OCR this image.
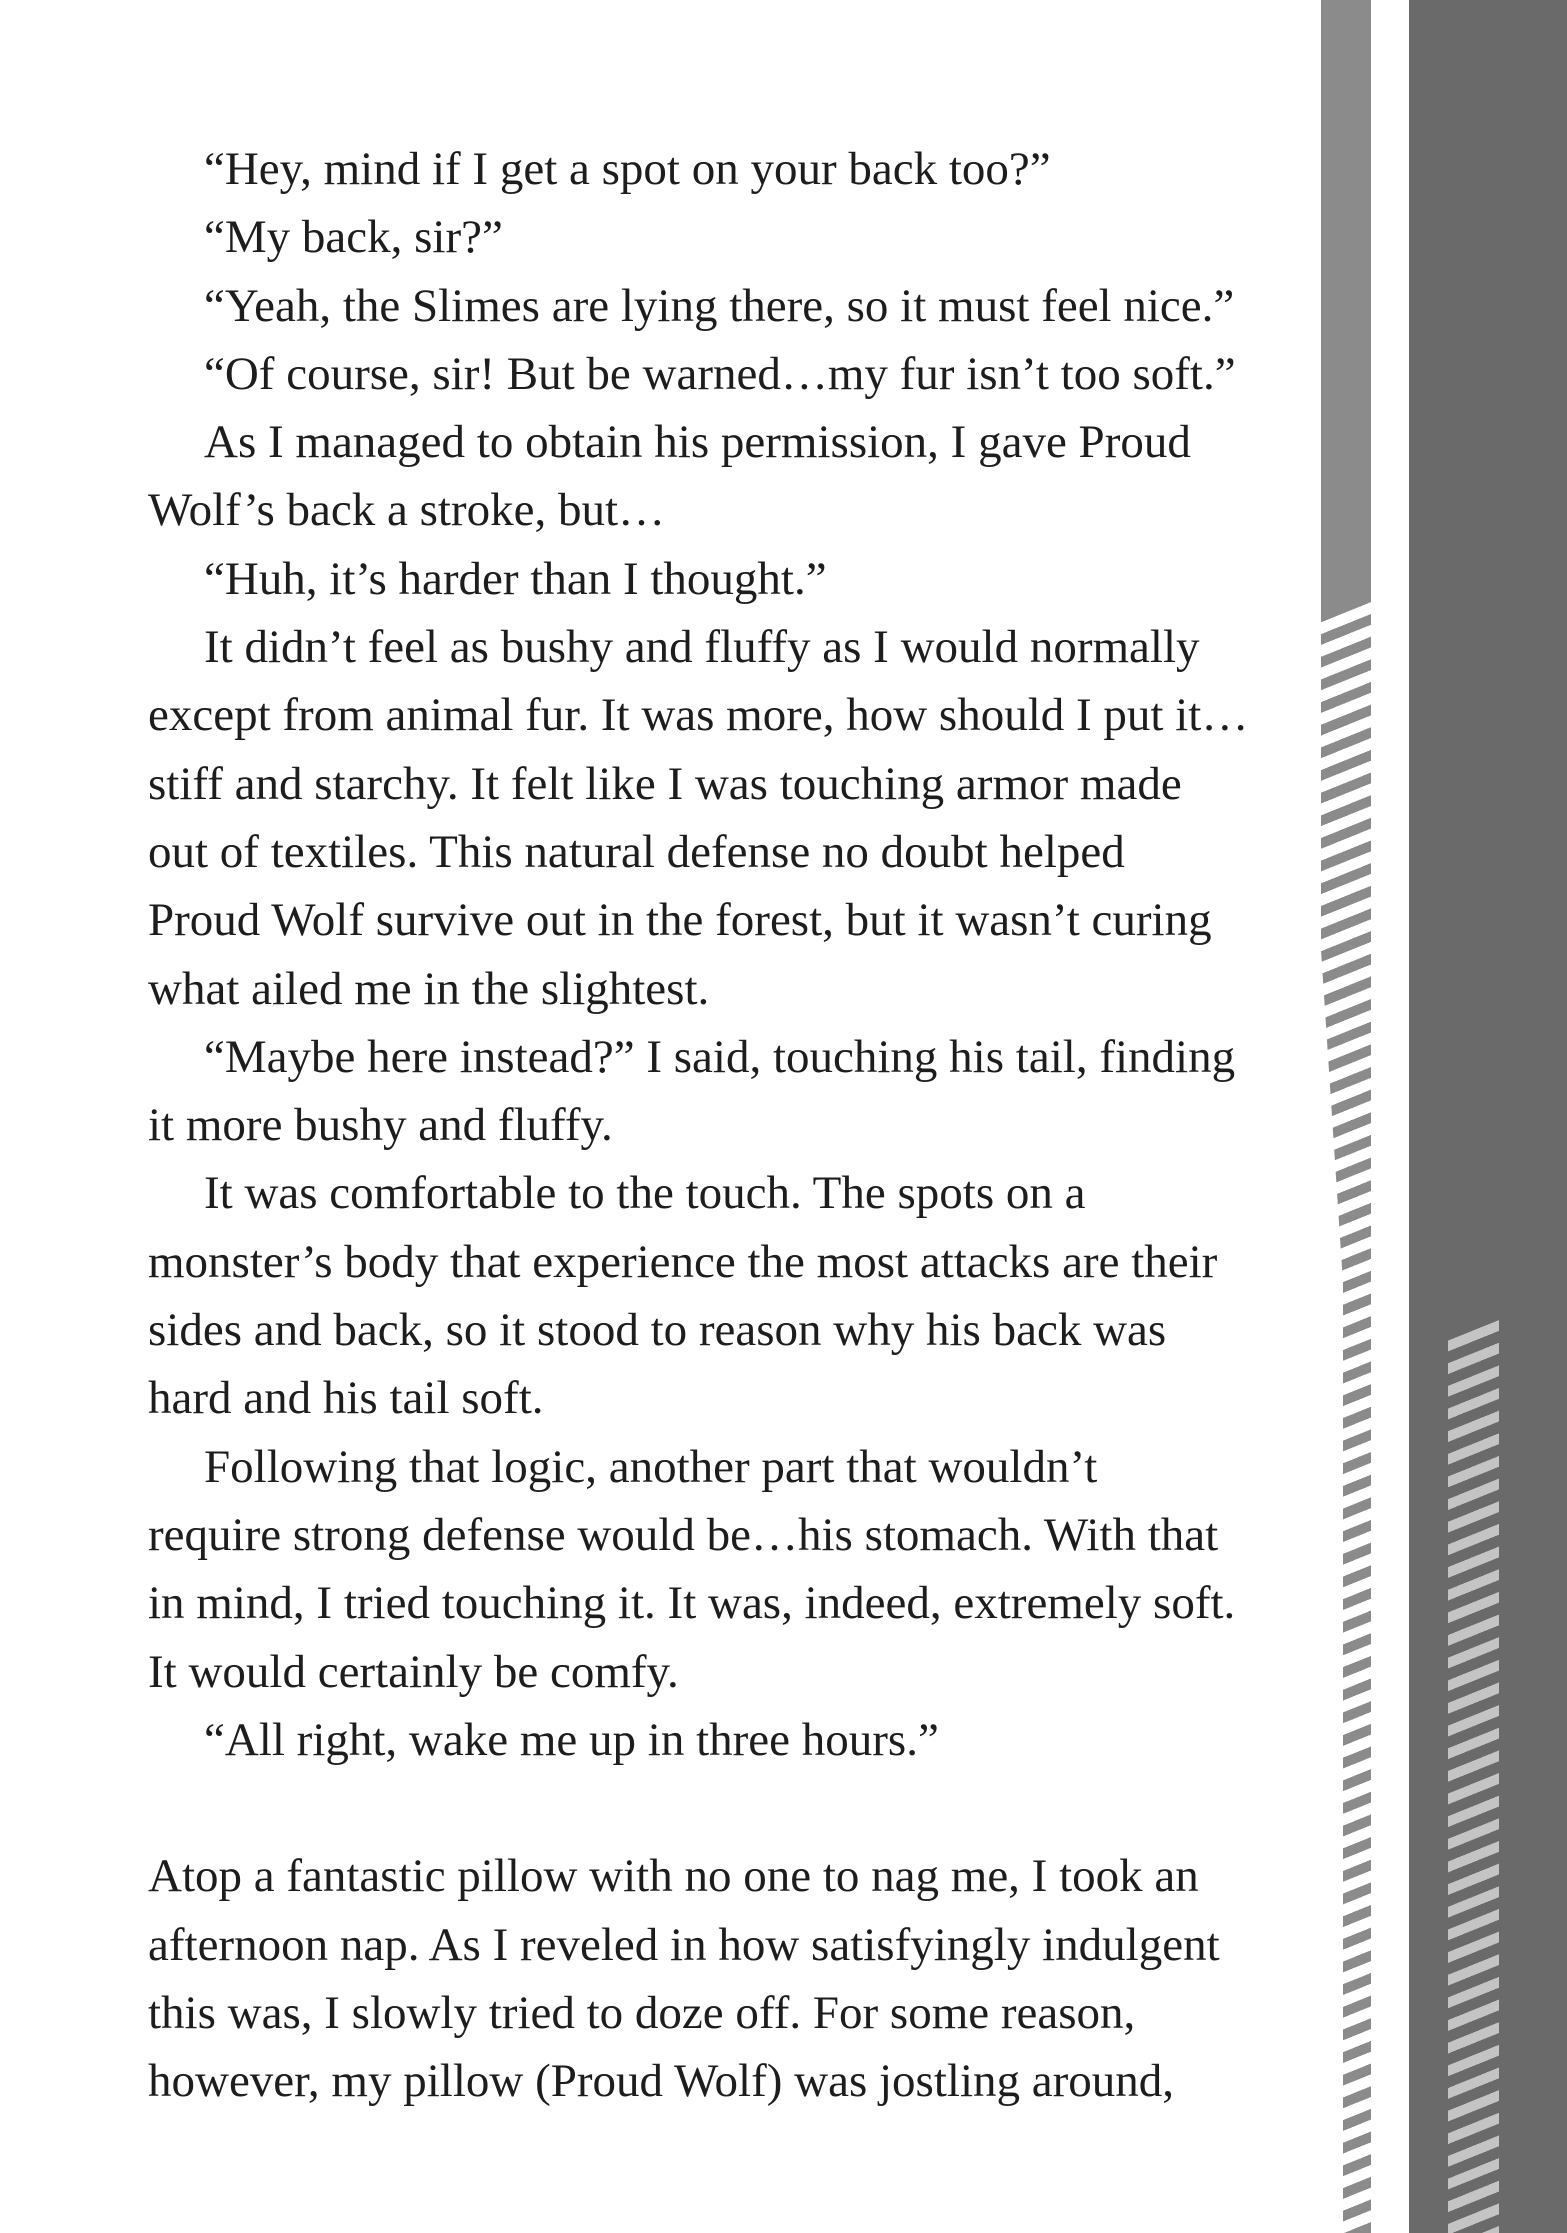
“Hey, mind if I get a spot on your back too?”
“My back, sir?”
“Yeah, the Slimes are lying there, so it must feel nice.”
“Of course, sir! But be warned…my fur isn’t too soft.”
As I managed to obtain his permission, I gave Proud
Wolf’s back a stroke, but…
“Huh, it’s harder than I thought.”
It didn’t feel as bushy and fluffy as I would normally
except from animal fur. It was more, how should I put it…
stiff and starchy. It felt like I was touching armor made
out of textiles. This natural defense no doubt helped
Proud Wolf survive out in the forest, but it wasn’t curing
what ailed me in the slightest.
“Maybe here instead?” I said, touching his tail, finding
it more bushy and fluffy.
It was comfortable to the touch. The spots on a
monster’s body that experience the most attacks are their
sides and back, so it stood to reason why his back was
hard and his tail soft.
Following that logic, another part that wouldn’t
require strong defense would be…his stomach. With that
in mind, I tried touching it. It was, indeed, extremely soft.
It would certainly be comfy.
“All right, wake me up in three hours.”
Atop a fantastic pillow with no one to nag me, I took an
afternoon nap. As I reveled in how satisfyingly indulgent
this was, I slowly tried to doze off. For some reason,
however, my pillow (Proud Wolf) was jostling around,
